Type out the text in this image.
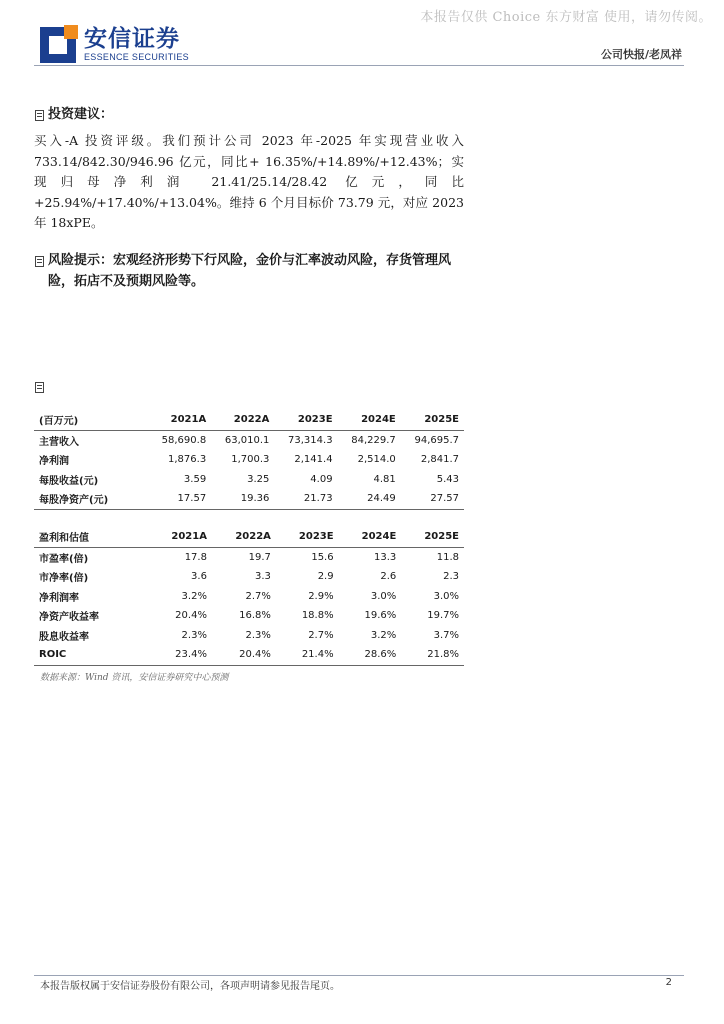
本报告仅供 Choice 东方财富 使用，请勿传阅。
安信证券
ESSENCE SECURITIES	公司快报/老凤祥
投资建议：
买入-A 投资评级。我们预计公司 2023 年-2025 年实现营业收入 733.14/842.30/946.96 亿元，同比+ 16.35%/+14.89%/+12.43%；实现归母净利润 21.41/25.14/28.42 亿元，同比 +25.94%/+17.40%/+13.04%。维持 6 个月目标价 73.79 元，对应 2023 年 18xPE。
风险提示：宏观经济形势下行风险，金价与汇率波动风险，存货管理风险，拓店不及预期风险等。
(百万元)	2021A	2022A	2023E	2024E	2025E
主营收入	58,690.8	63,010.1	73,314.3	84,229.7	94,695.7
净利润	1,876.3	1,700.3	2,141.4	2,514.0	2,841.7
每股收益(元)	3.59	3.25	4.09	4.81	5.43
每股净资产(元)	17.57	19.36	21.73	24.49	27.57
盈利和估值	2021A	2022A	2023E	2024E	2025E
市盈率(倍)	17.8	19.7	15.6	13.3	11.8
市净率(倍)	3.6	3.3	2.9	2.6	2.3
净利润率	3.2%	2.7%	2.9%	3.0%	3.0%
净资产收益率	20.4%	16.8%	18.8%	19.6%	19.7%
股息收益率	2.3%	2.3%	2.7%	3.2%	3.7%
ROIC	23.4%	20.4%	21.4%	28.6%	21.8%
数据来源：Wind 资讯，安信证券研究中心预测
本报告版权属于安信证券股份有限公司，各项声明请参见报告尾页。	2
